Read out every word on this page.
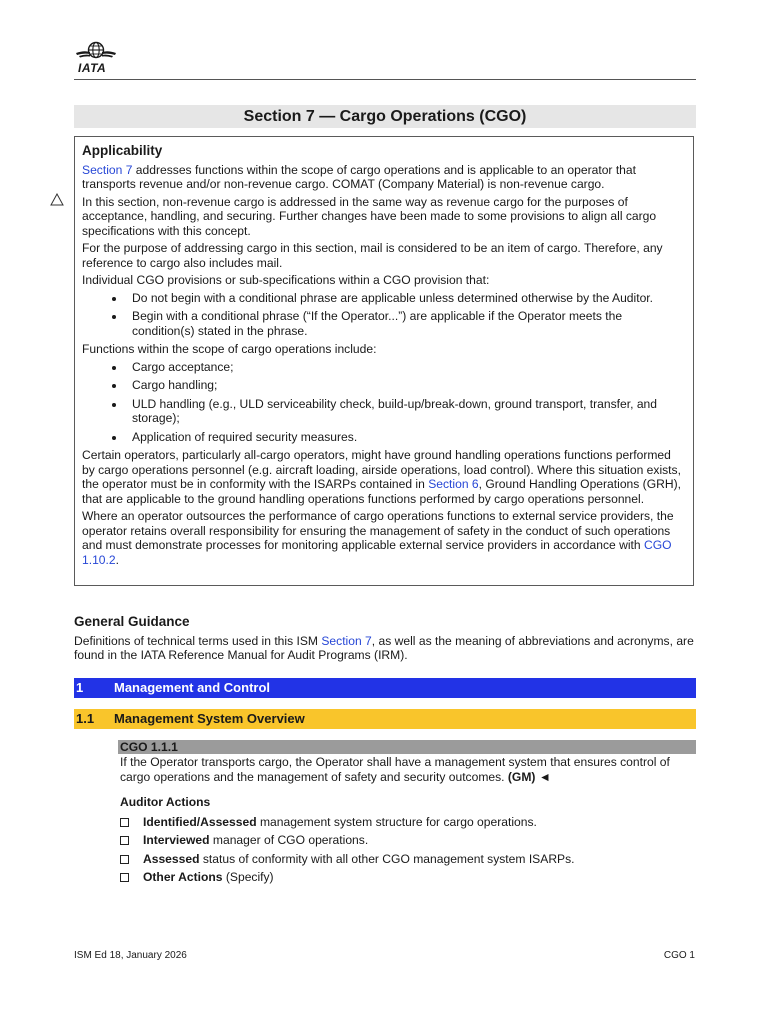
IATA
Section 7 — Cargo Operations (CGO)
Applicability

Section 7 addresses functions within the scope of cargo operations and is applicable to an operator that transports revenue and/or non-revenue cargo. COMAT (Company Material) is non-revenue cargo.

In this section, non-revenue cargo is addressed in the same way as revenue cargo for the purposes of acceptance, handling, and securing. Further changes have been made to some provisions to align all cargo specifications with this concept.

For the purpose of addressing cargo in this section, mail is considered to be an item of cargo. Therefore, any reference to cargo also includes mail.

Individual CGO provisions or sub-specifications within a CGO provision that:

• Do not begin with a conditional phrase are applicable unless determined otherwise by the Auditor.
• Begin with a conditional phrase (“If the Operator...”) are applicable if the Operator meets the condition(s) stated in the phrase.

Functions within the scope of cargo operations include:

• Cargo acceptance;
• Cargo handling;
• ULD handling (e.g., ULD serviceability check, build-up/break-down, ground transport, transfer, and storage);
• Application of required security measures.

Certain operators, particularly all-cargo operators, might have ground handling operations functions performed by cargo operations personnel (e.g. aircraft loading, airside operations, load control). Where this situation exists, the operator must be in conformity with the ISARPs contained in Section 6, Ground Handling Operations (GRH), that are applicable to the ground handling operations functions performed by cargo operations personnel.

Where an operator outsources the performance of cargo operations functions to external service providers, the operator retains overall responsibility for ensuring the management of safety in the conduct of such operations and must demonstrate processes for monitoring applicable external service providers in accordance with CGO 1.10.2.

General Guidance

Definitions of technical terms used in this ISM Section 7, as well as the meaning of abbreviations and acronyms, are found in the IATA Reference Manual for Audit Programs (IRM).

1 Management and Control
1.1 Management System Overview
CGO 1.1.1

If the Operator transports cargo, the Operator shall have a management system that ensures control of cargo operations and the management of safety and security outcomes. (GM) ◄

Auditor Actions
Identified/Assessed management system structure for cargo operations.
Interviewed manager of CGO operations.
Assessed status of conformity with all other CGO management system ISARPs.
Other Actions (Specify)
ISM Ed 18, January 2026	CGO 1
